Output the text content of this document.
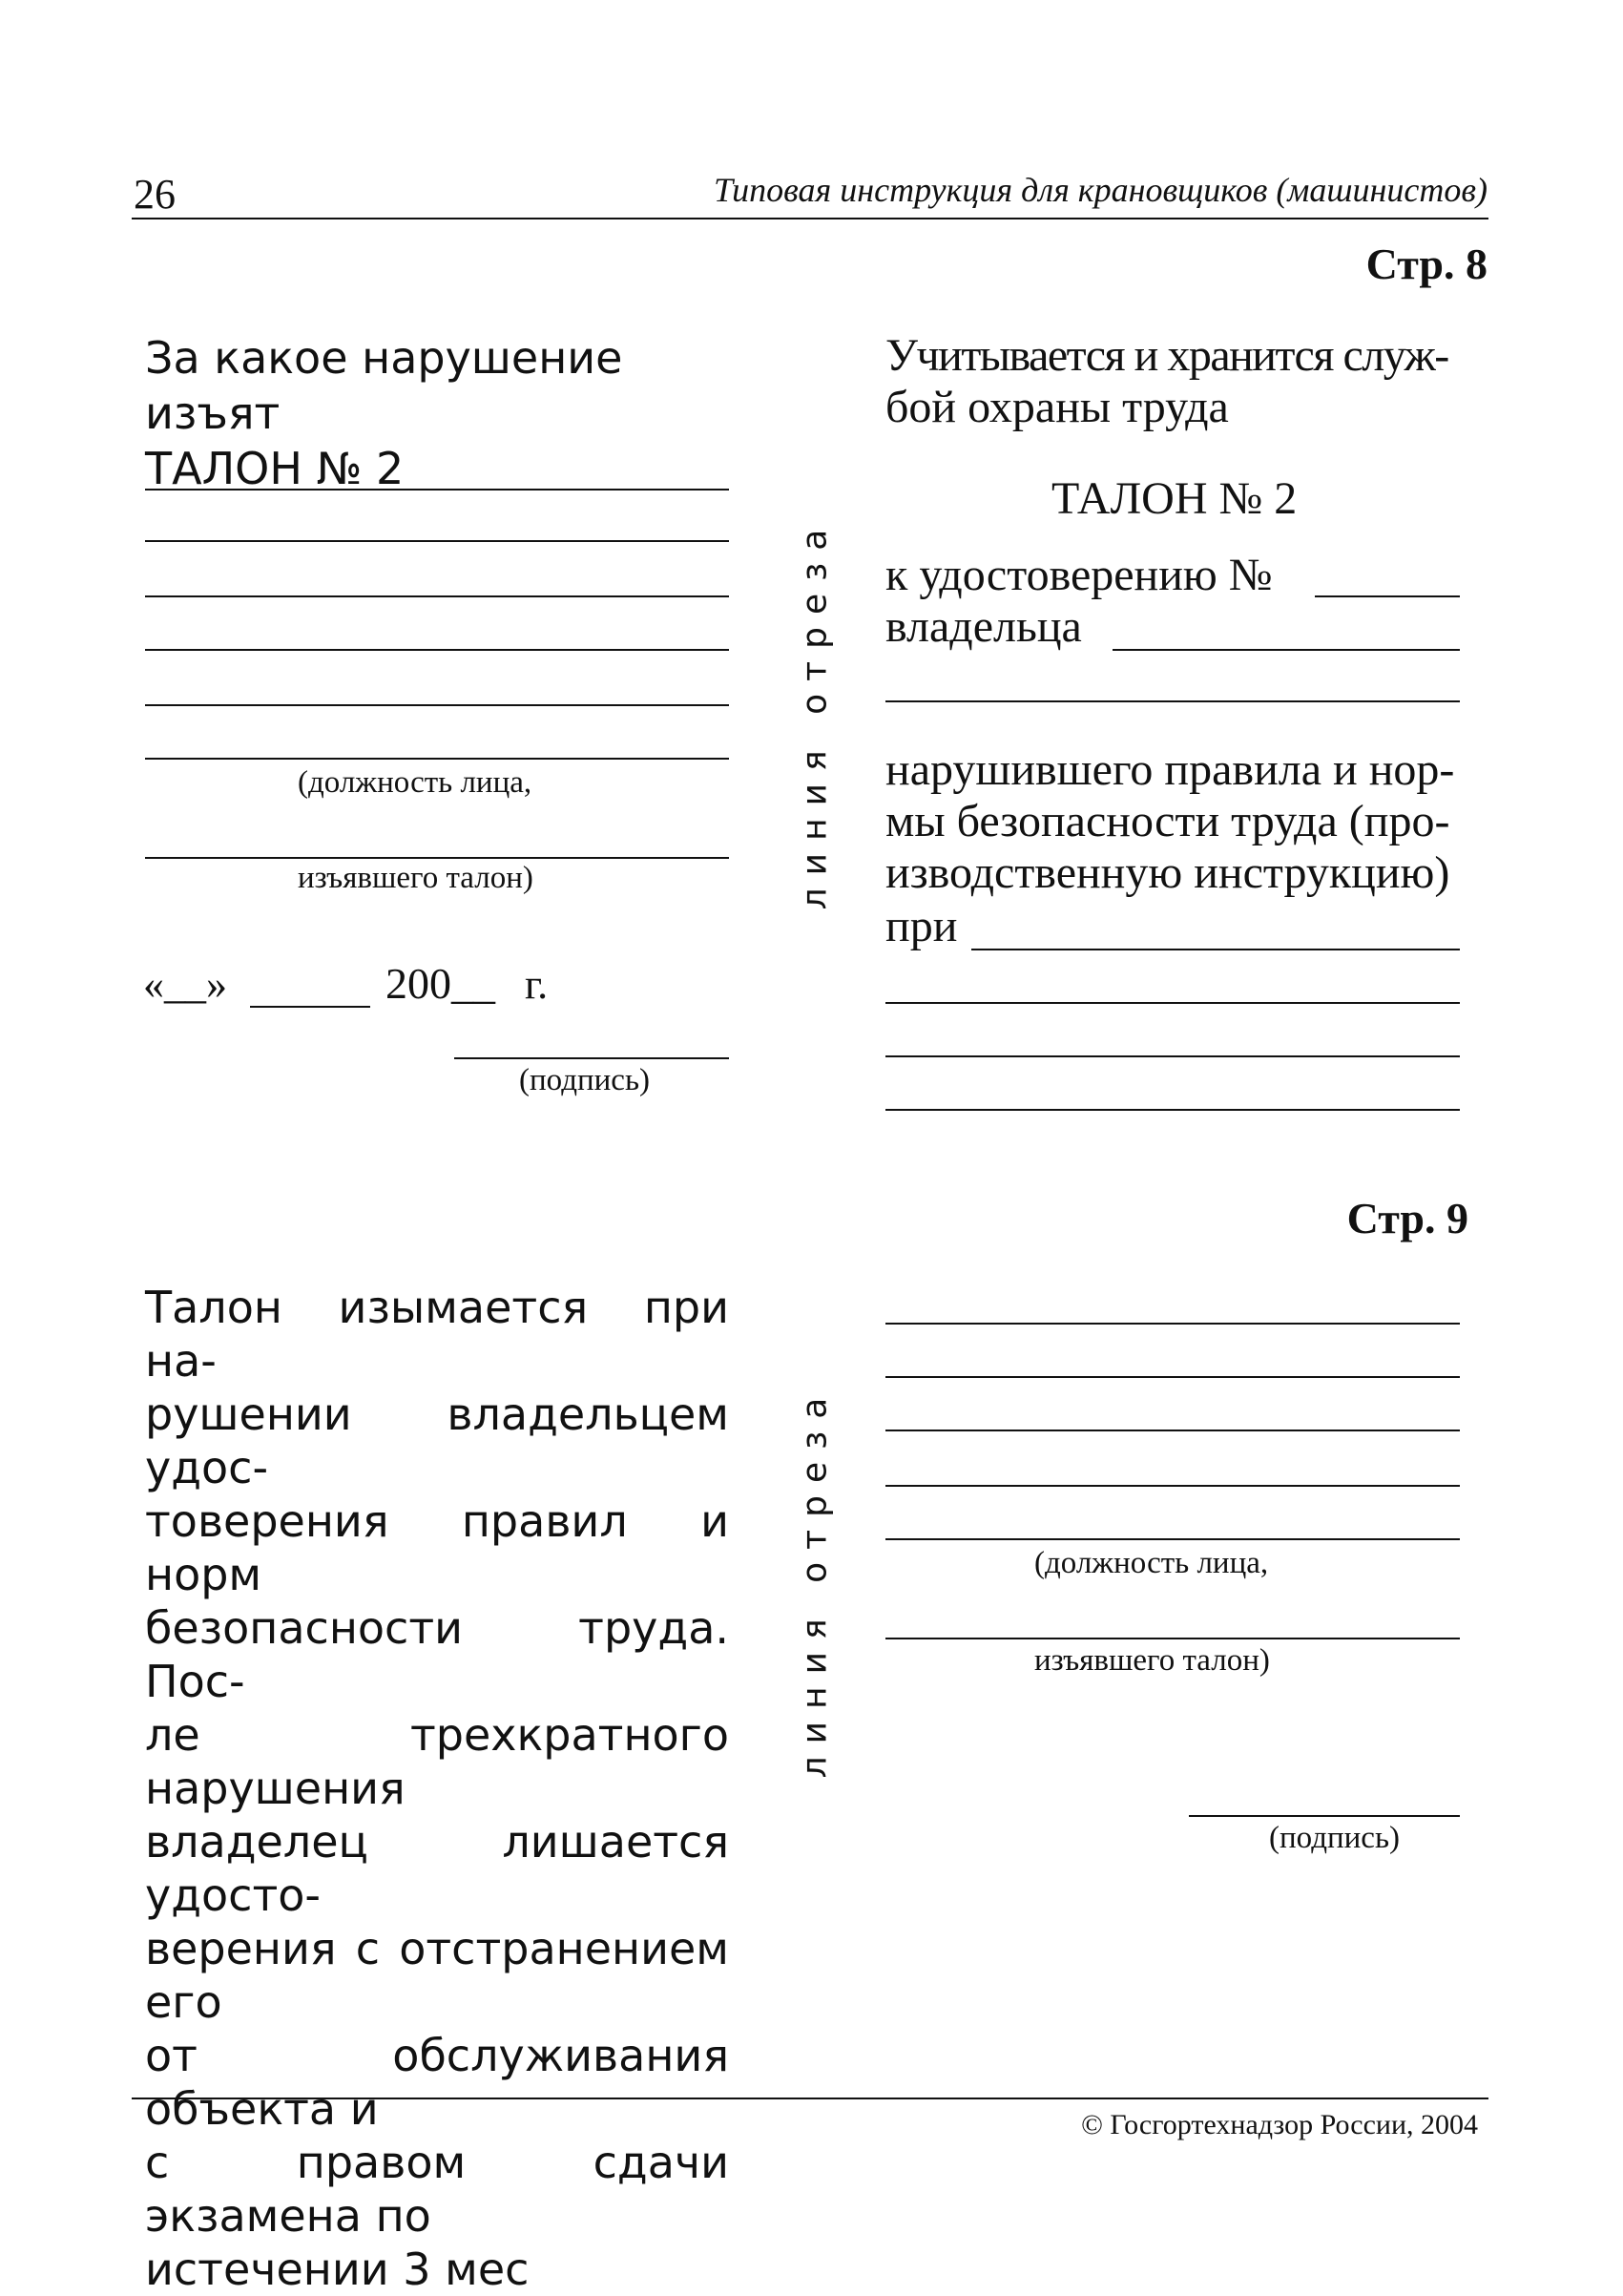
26	Типовая инструкция для крановщиков (машинистов)
Стр. 8
За какое нарушение изъят
ТАЛОН № 2
(должность лица,
изъявшего талон)
«__»	200__ г.
(подпись)
линия отреза
Учитывается и хранится служ-
бой охраны труда
ТАЛОН № 2
к удостоверению №
владельца
нарушившего правила и нор-
мы безопасности труда (про-
изводственную инструкцию)
при
Стр. 9
Талон изымается при на-
рушении владельцем удос-
товерения правил и норм
безопасности труда. Пос-
ле трехкратного нарушения
владелец лишается удосто-
верения с отстранением его
от обслуживания объекта и
с правом сдачи экзамена по
истечении 3 мес
линия отреза	(должность лица,
изъявшего талон)
(подпись)
© Госгортехнадзор России, 2004
